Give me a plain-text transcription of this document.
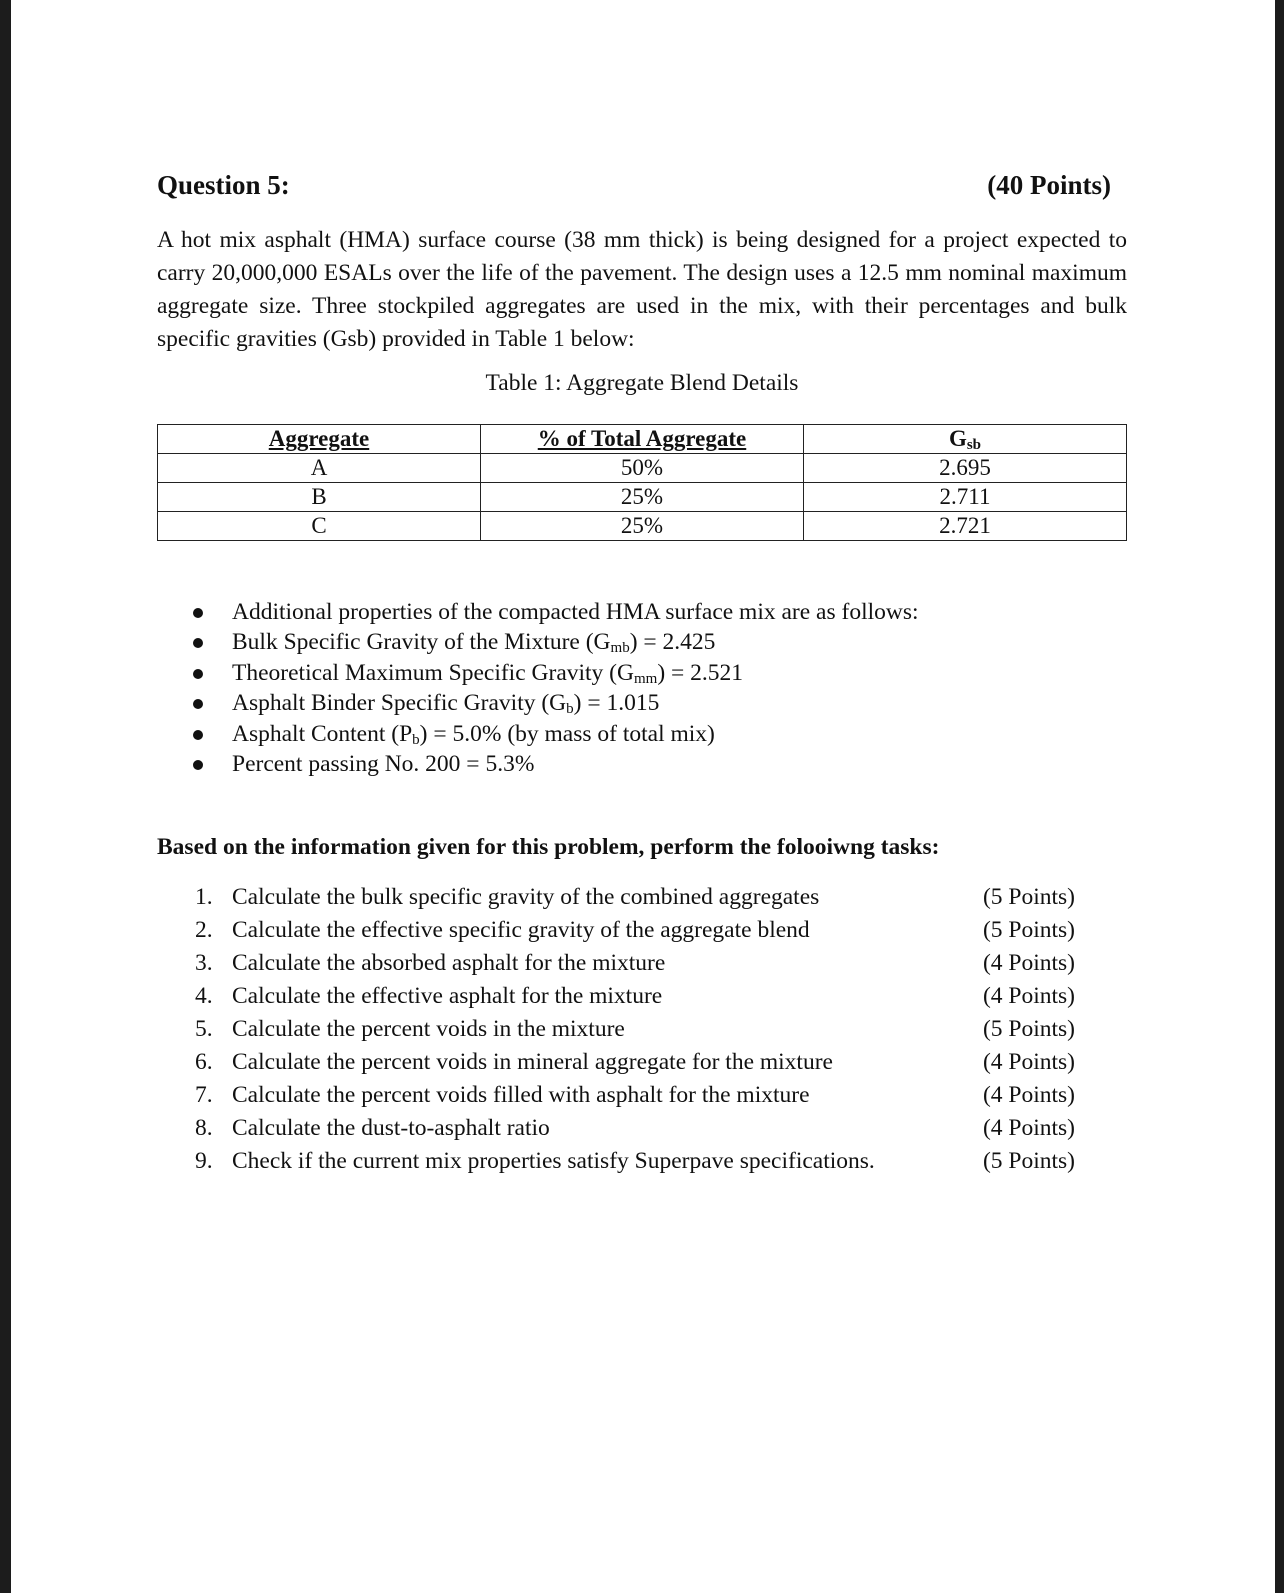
Question 5:	(40 Points)
A hot mix asphalt (HMA) surface course (38 mm thick) is being designed for a project expected to carry 20,000,000 ESALs over the life of the pavement. The design uses a 12.5 mm nominal maximum aggregate size. Three stockpiled aggregates are used in the mix, with their percentages and bulk specific gravities (Gsb) provided in Table 1 below:
Table 1: Aggregate Blend Details
Aggregate	% of Total Aggregate	$G_{sb}$
A	50%	2.695
B	25%	2.711
C	25%	2.721
Additional properties of the compacted HMA surface mix are as follows:
Bulk Specific Gravity of the Mixture $(G_{mb}) = 2.425$
Theoretical Maximum Specific Gravity $(G_{mm}) = 2.521$
Asphalt Binder Specific Gravity $(G_b) = 1.015$
Asphalt Content $(P_b) = 5.0\%$ (by mass of total mix)
Percent passing No. 200 = 5.3%
Based on the information given for this problem, perform the folooiwng tasks:
1. Calculate the bulk specific gravity of the combined aggregates	(5 Points)
2. Calculate the effective specific gravity of the aggregate blend	(5 Points)
3. Calculate the absorbed asphalt for the mixture	(4 Points)
4. Calculate the effective asphalt for the mixture	(4 Points)
5. Calculate the percent voids in the mixture	(5 Points)
6. Calculate the percent voids in mineral aggregate for the mixture	(4 Points)
7. Calculate the percent voids filled with asphalt for the mixture	(4 Points)
8. Calculate the dust-to-asphalt ratio	(4 Points)
9. Check if the current mix properties satisfy Superpave specifications.	(5 Points)
